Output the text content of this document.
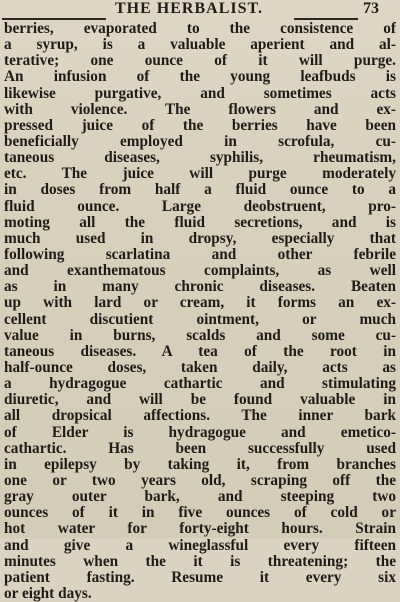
THE HERBALIST.	73
berries, evaporated to the consistence of
a syrup, is a valuable aperient and al-
terative; one ounce of it will purge.
An infusion of the young leafbuds is
likewise purgative, and sometimes acts
with violence. The flowers and ex-
pressed juice of the berries have been
beneficially employed in scrofula, cu-
taneous diseases, syphilis, rheumatism,
etc. The juice will purge moderately
in doses from half a fluid ounce to a
fluid ounce. Large deobstruent, pro-
moting all the fluid secretions, and is
much used in dropsy, especially that
following scarlatina and other febrile
and exanthematous complaints, as well
as in many chronic diseases. Beaten
up with lard or cream, it forms an ex-
cellent discutient ointment, or much
value in burns, scalds and some cu-
taneous diseases. A tea of the root in
half-ounce doses, taken daily, acts as
a hydragogue cathartic and stimulating
diuretic, and will be found valuable in
all dropsical affections. The inner bark
of Elder is hydragogue and emetico-
cathartic. Has been successfully used
in epilepsy by taking it, from branches
one or two years old, scraping off the
gray outer bark, and steeping two
ounces of it in five ounces of cold or
hot water for forty-eight hours. Strain
and give a wineglassful every fifteen
minutes when the it is threatening; the
patient fasting. Resume it every six
or eight days.
